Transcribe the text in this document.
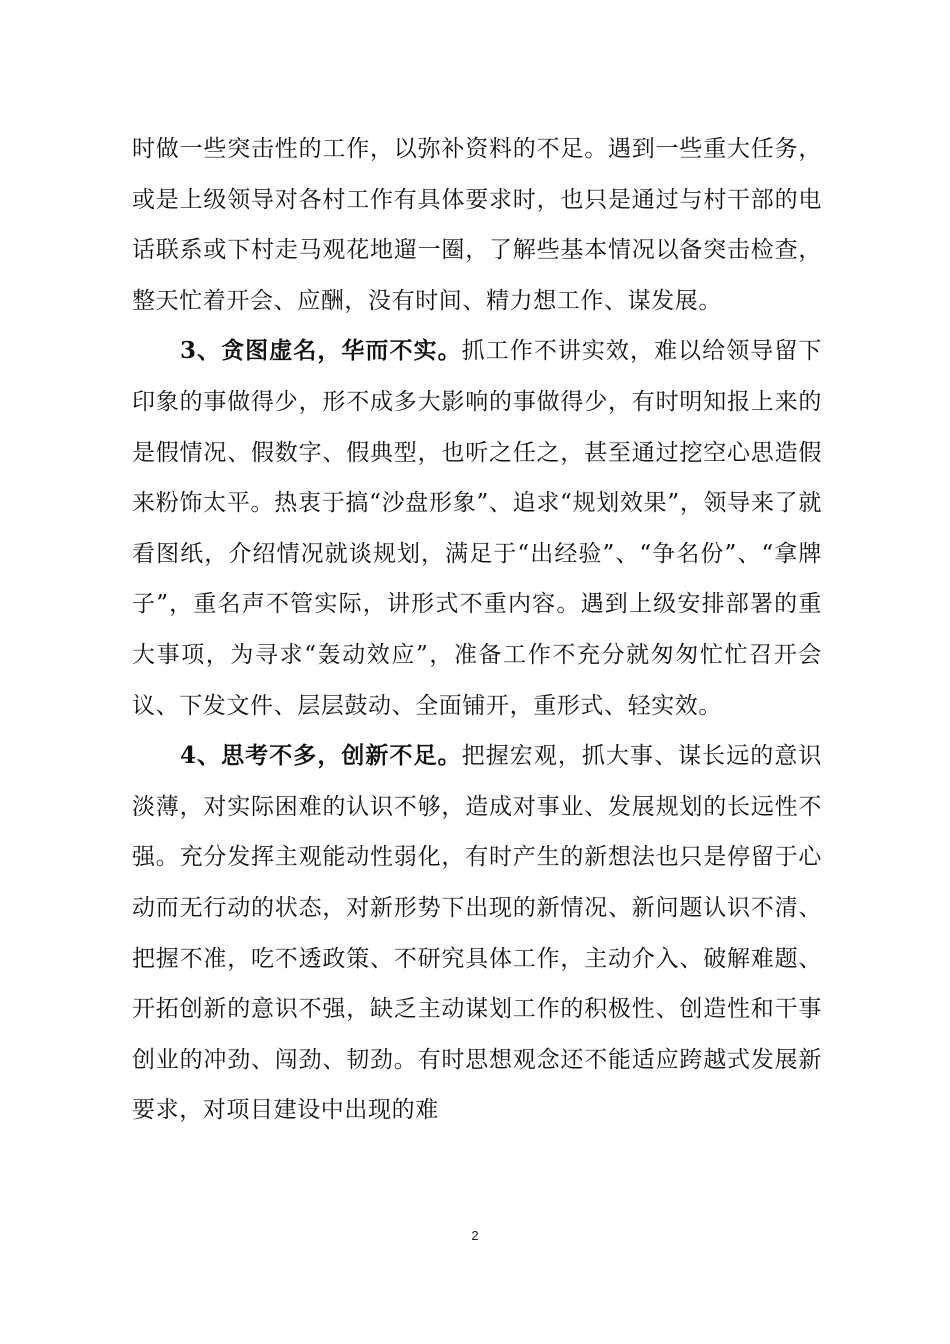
时做一些突击性的工作，以弥补资料的不足。遇到一些重大任务，或是上级领导对各村工作有具体要求时，也只是通过与村干部的电话联系或下村走马观花地遛一圈，了解些基本情况以备突击检查，整天忙着开会、应酬，没有时间、精力想工作、谋发展。

3、贪图虚名，华而不实。抓工作不讲实效，难以给领导留下印象的事做得少，形不成多大影响的事做得少，有时明知报上来的是假情况、假数字、假典型，也听之任之，甚至通过挖空心思造假来粉饰太平。热衷于搞“沙盘形象”、追求“规划效果”，领导来了就看图纸，介绍情况就谈规划，满足于“出经验”、“争名份”、“拿牌子”，重名声不管实际，讲形式不重内容。遇到上级安排部署的重大事项，为寻求“轰动效应”，准备工作不充分就匆匆忙忙召开会议、下发文件、层层鼓动、全面铺开，重形式、轻实效。

4、思考不多，创新不足。把握宏观，抓大事、谋长远的意识淡薄，对实际困难的认识不够，造成对事业、发展规划的长远性不强。充分发挥主观能动性弱化，有时产生的新想法也只是停留于心动而无行动的状态，对新形势下出现的新情况、新问题认识不清、把握不准，吃不透政策、不研究具体工作，主动介入、破解难题、开拓创新的意识不强，缺乏主动谋划工作的积极性、创造性和干事创业的冲劲、闯劲、韧劲。有时思想观念还不能适应跨越式发展新要求，对项目建设中出现的难

2
